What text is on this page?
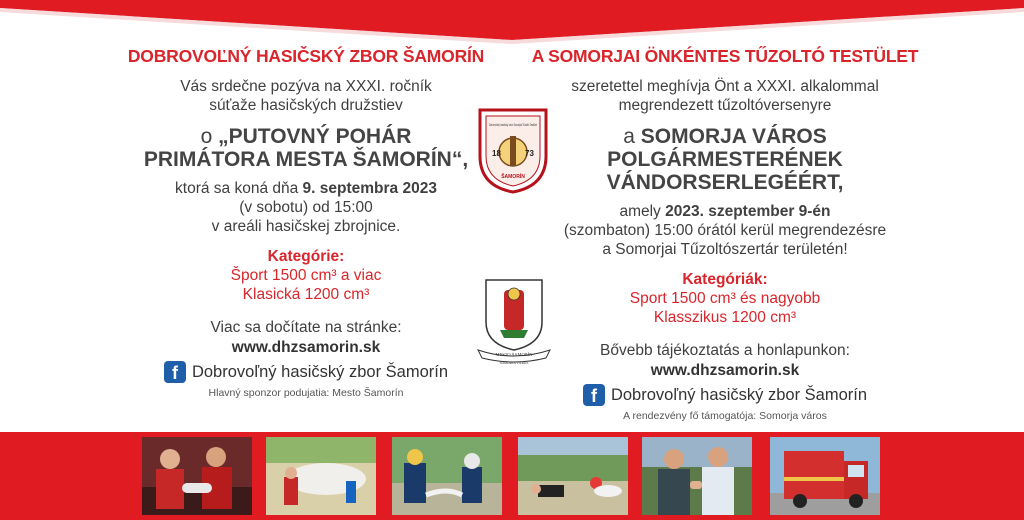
DOBROVOĽNÝ HASIČSKÝ ZBOR ŠAMORÍN

Vás srdečne pozýva na XXXI. ročník

súťaže hasičských družstiev

o „PUTOVNÝ POHÁR
PRIMÁTORA MESTA ŠAMORÍN“,

ktorá sa koná dňa 9. septembra 2023

(v sobotu) od 15:00

v areáli hasičskej zbrojnice.

Kategórie:

Šport 1500 cm³ a viac

Klasická 1200 cm³

Viac sa dočítate na stránke:

www.dhzsamorin.sk

f Dobrovoľný hasičský zbor Šamorín
Hlavný sponzor podujatia: Mesto Šamorín

A SOMORJAI ÖNKÉNTES TŰZOLTÓ TESTÜLET

szeretettel meghívja Önt a XXXI. alkalommal

megrendezett tűzoltóversenyre

a SOMORJA VÁROS
POLGÁRMESTERÉNEK
VÁNDORSERLEGÉÉRT,

amely 2023. szeptember 9-én

(szombaton) 15:00 órától kerül megrendezésre

a Somorjai Tűzoltószertár területén!

Kategóriák:

Sport 1500 cm³ és nagyobb

Klasszikus 1200 cm³

Bővebb tájékoztatás a honlapunkon:

www.dhzsamorin.sk

f Dobrovoľný hasičský zbor Šamorín
A rendezvény fő támogatója: Somorja város
18	73
Dobrovoľný hasičský zbor Somorjai Tűzoltó Testület
ŠAMORÍN
MESTO ŠAMORÍN
SOMORJA VÁROS
